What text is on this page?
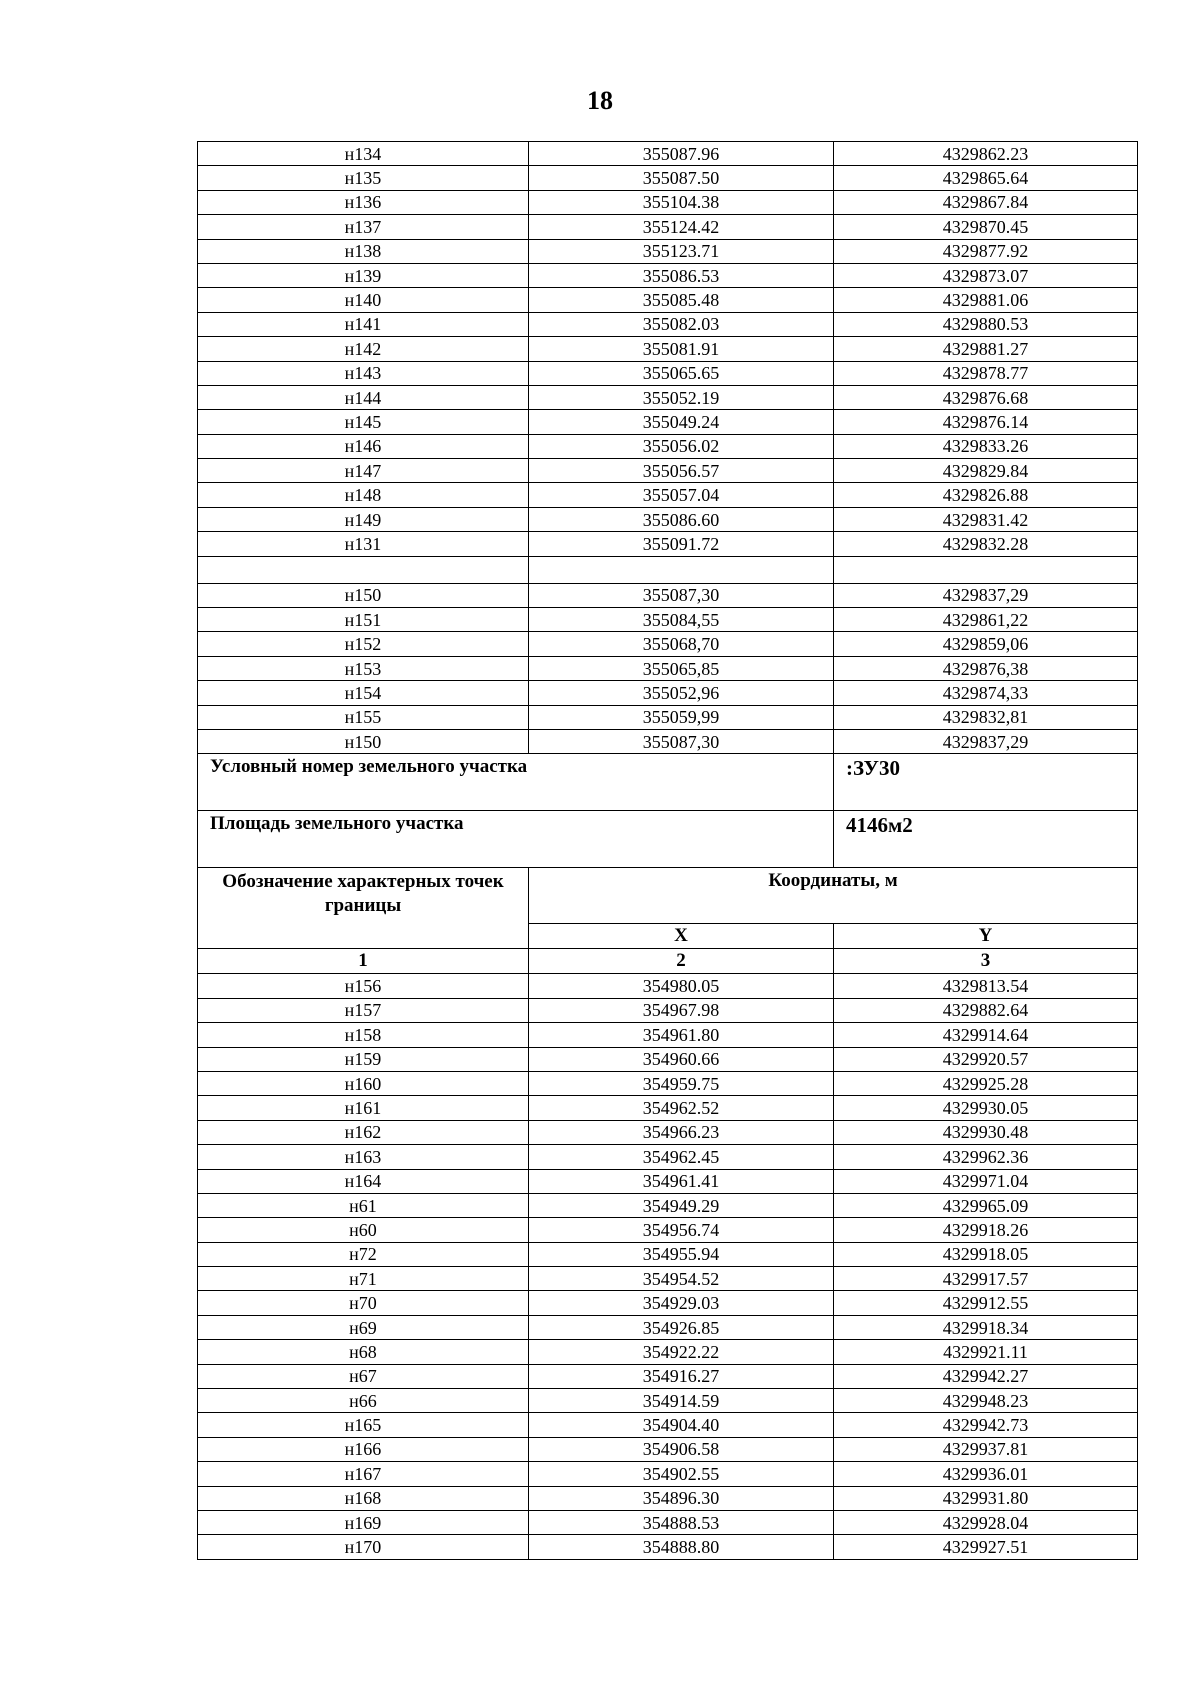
18
н134	355087.96	4329862.23
н135	355087.50	4329865.64
н136	355104.38	4329867.84
н137	355124.42	4329870.45
н138	355123.71	4329877.92
н139	355086.53	4329873.07
н140	355085.48	4329881.06
н141	355082.03	4329880.53
н142	355081.91	4329881.27
н143	355065.65	4329878.77
н144	355052.19	4329876.68
н145	355049.24	4329876.14
н146	355056.02	4329833.26
н147	355056.57	4329829.84
н148	355057.04	4329826.88
н149	355086.60	4329831.42
н131	355091.72	4329832.28

н150	355087,30	4329837,29
н151	355084,55	4329861,22
н152	355068,70	4329859,06
н153	355065,85	4329876,38
н154	355052,96	4329874,33
н155	355059,99	4329832,81
н150	355087,30	4329837,29
Условный номер земельного участка		:ЗУ30
Площадь земельного участка		4146м2
Обозначение характерных точек границы	Координаты, м	
	X	Y
1	2	3
н156	354980.05	4329813.54
н157	354967.98	4329882.64
н158	354961.80	4329914.64
н159	354960.66	4329920.57
н160	354959.75	4329925.28
н161	354962.52	4329930.05
н162	354966.23	4329930.48
н163	354962.45	4329962.36
н164	354961.41	4329971.04
н61	354949.29	4329965.09
н60	354956.74	4329918.26
н72	354955.94	4329918.05
н71	354954.52	4329917.57
н70	354929.03	4329912.55
н69	354926.85	4329918.34
н68	354922.22	4329921.11
н67	354916.27	4329942.27
н66	354914.59	4329948.23
н165	354904.40	4329942.73
н166	354906.58	4329937.81
н167	354902.55	4329936.01
н168	354896.30	4329931.80
н169	354888.53	4329928.04
н170	354888.80	4329927.51
